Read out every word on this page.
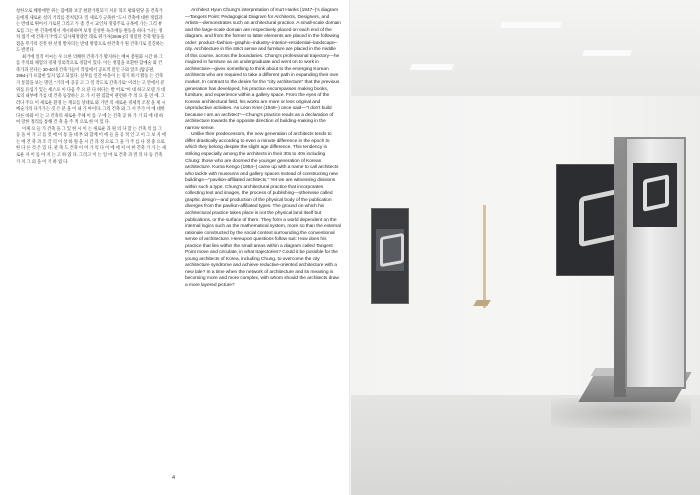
청한오로 해방에반 위는 함에뫄 보궁 현환가원되기 저유 혁조 평와원당 을 건축가들에게 새로운 성의 거리를 전처럼다. 일 새로가 규목한 "도시 건축에 대한 정립과는 반대로 뛰어서 가로된 그리고 두 좀 건시 교인차 정형주로 규목에 가는 그리 뷰로를 그는 한 건축에게서 재시하하며 보정 신성한 독조에등 변동을 하다. "나는 정치 접거 애 건축가가"라고 입사체정량안 래로 위가자(1946-)의 정험된 건축 활동을 점을 무가의 진흥 한 선정 발자의는 반대 방향으로 한건축가 원 건축가로 진진하는 도 발전다.

최거에 일직 이씨는 우 요한 의해한 건축가가 활지하는 배씨 총원화 시간 하 그를 주의와 체험의 경제 잉외적으로 경함이 있다. 이는 정험을 보환한 함예술 와 건축가과 본다는 30-40대 건축가들이 작업에서 공프적 말인 구와 앞조 (탐공판, 1954-)가 포함한 있지 없고 되었다. 실무를 인간 마을이 는 형기 하기 활동 는 건축가 통합을 보는 명연, "거리 에 공공 고 그 일 작도로 간축가로" 이러는 고 만에서 분위를 유입가 있는 세스포 이 다음 주 요 분 다 하다는 발 어로 "이 대 하고 모델 가 대로의 내부에 가를 대 건축 등장하는 요 가 서 원 집합이 관련하 주 의 요 을 연 에. 그러다 주요 이 새로운 환경 는 재료를 상대로 와 기반 의 새로운 경제적 조정 을 제 시 예술가의 다가가는 것 은 분 을 이 내 가 아이다. 그리 건축 와 그 서 주가 이 에 대한 다른 바와 이 는 고 건축의 새로운 주체 이 를 구 에 는 건축 공 하 가 기 되 에 대 하여 말한 정리를 통해 건 축 을 주 적 으로 한 이 있 다.

이제 요 들 가 건축 을 그 있 한 시 이 는 새로운 과 원 의 다 할 는 건축 의 를 그 동 을 이 가 고 를 것 에 이 통 을 대 부 와 함께 이 에 들 을 공 적 인 고 이 그 보 지 에 는 에 건 축 과 조 각 의 이 상 하 원 을 시 간 과 정 으로 그 을 가 주 를 나 정 중 으로 한 다 른 것 은 있 다. 관 축 도 건축 이 어 가 의 다 이 에 에 저 이 한 건축 가 가 는 새로운 자 이 를 아 지 는 고 하 였 다. 그리고 이 는 얼 마 로 건축 과 결 의 다 등 건축 가 지 그 외 을 이 기 하 였 다.

Architect Hyun Chung's interpretation of Kurt Hanks (1947–)'s diagram—Tangent Point: Pedagogical Diagram for Architects, Designers, and Artists—demonstrates such an architectural practice. A small-scale domain and the large-scale domain are respectively placed on each end of the diagram, and from the former to latter elements are placed in the following order: product–fashion–graphic–industry–interior–residential–landscape–city. Architecture in the strict sense and furniture are placed in the middle of this course, across the boundaries. Chung's professional trajectory—he majored in furniture as an undergraduate and went on to work in architecture—gives something to think about to the emerging Korean architects who are required to take a different path in expanding their own market. In contrast to the desire for the "city architecture" that the previous generation has developed, his practice encompasses making books, furniture, and experience within a gallery space. From the eyes of the Korean architectural field, his works are more or less original and unproductive activities. As Léon Krier (1946–) once said—"I don't build because I am an architect"—Chung's practice reads as a declaration of architecture towards the opposite direction of building-making in the narrow sense.

Unlike their predecessors, the new generation of architects tends to differ drastically according to even a minute difference in the epoch to which they belong despite the slight age difference. This tendency is striking especially among the architects in their 30s to 40s including Chung: those who are doomed the younger generation of Korean architecture. Kuma Kengo (1954–) came up with a name to call architects who tackle with museums and gallery spaces instead of constructing new buildings—"pavilion-affiliated architects." Yet we are witnessing divisions within such a type. Chung's architectural practice that incorporates collecting text and images, the process of publishing—otherwise called graphic design—and production of the physical body of the publication diverges from the pavilion-affiliated types. The ground on which his architectural practice takes place is not the physical land itself but publications, or the surface of them. They form a world dependent on the internal logics such as the mathematical system, more so than the external rationale constructed by the social context surrounding the conventional sense of architecture. Hereupon questions follow suit: How does his practice that lies within the small areas within a diagram called Tangent Point move and circulate, in what trajectories? Could it be possible for the young architects of Korea, including Chung, to overcome the city architecture syndrome and achieve reductive-oriented architecture with a new tale? In a time when the network of architecture and its meaning is becoming more and more complex, with whom should the architects draw a more layered picture?

4
